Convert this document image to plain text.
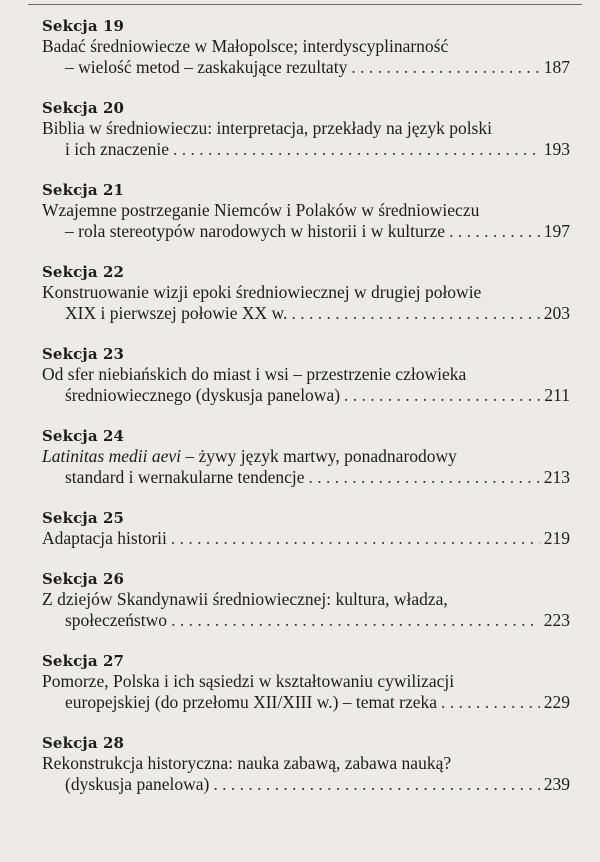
Sekcja 19
Badać średniowiecze w Małopolsce; interdyscyplinarność
– wielość metod – zaskakujące rezultaty . . .	187
Sekcja 20
Biblia w średniowieczu: interpretacja, przekłady na język polski
i ich znaczenie . . .	193
Sekcja 21
Wzajemne postrzeganie Niemców i Polaków w średniowieczu
– rola stereotypów narodowych w historii i w kulturze . . .	197
Sekcja 22
Konstruowanie wizji epoki średniowiecznej w drugiej połowie
XIX i pierwszej połowie XX w. . . .	203
Sekcja 23
Od sfer niebiańskich do miast i wsi – przestrzenie człowieka
średniowiecznego (dyskusja panelowa) . . .	211
Sekcja 24
Latinitas medii aevi – żywy język martwy, ponadnarodowy
standard i wernakularne tendencje . . .	213
Sekcja 25
Adaptacja historii . . .	219
Sekcja 26
Z dziejów Skandynawii średniowiecznej: kultura, władza,
społeczeństwo . . .	223
Sekcja 27
Pomorze, Polska i ich sąsiedzi w kształtowaniu cywilizacji
europejskiej (do przełomu XII/XIII w.) – temat rzeka . . .	229
Sekcja 28
Rekonstrukcja historyczna: nauka zabawą, zabawa nauką?
(dyskusja panelowa) . . .	239
